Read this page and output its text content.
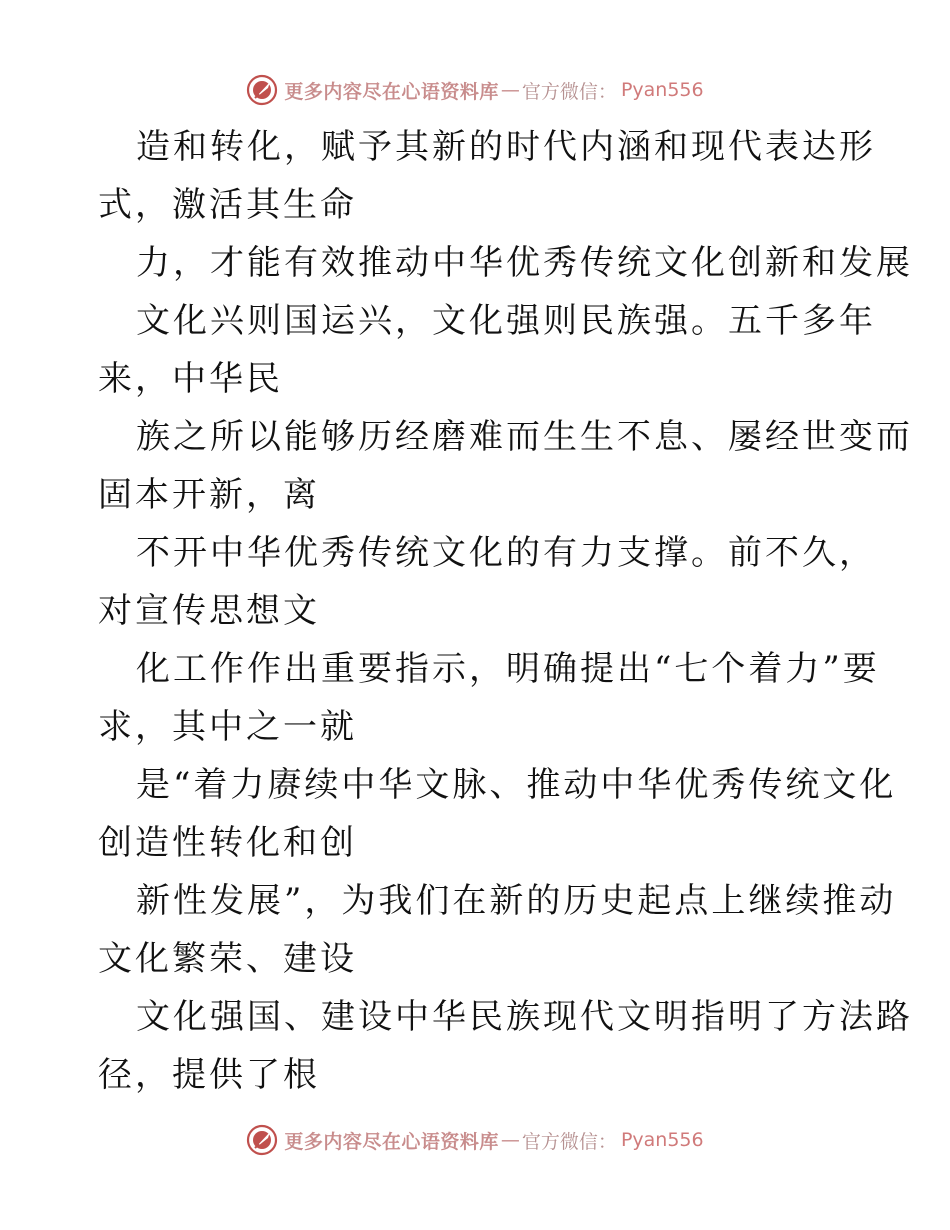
更多内容尽在心语资料库 — 官方微信： Pyan556
造和转化，赋予其新的时代内涵和现代表达形
式，激活其生命
力，才能有效推动中华优秀传统文化创新和发展
文化兴则国运兴，文化强则民族强。五千多年
来，中华民
族之所以能够历经磨难而生生不息、屡经世变而
固本开新，离
不开中华优秀传统文化的有力支撑。前不久，
对宣传思想文
化工作作出重要指示，明确提出“七个着力”要
求，其中之一就
是“着力赓续中华文脉、推动中华优秀传统文化
创造性转化和创
新性发展”，为我们在新的历史起点上继续推动
文化繁荣、建设
文化强国、建设中华民族现代文明指明了方法路
径，提供了根
更多内容尽在心语资料库 — 官方微信： Pyan556
